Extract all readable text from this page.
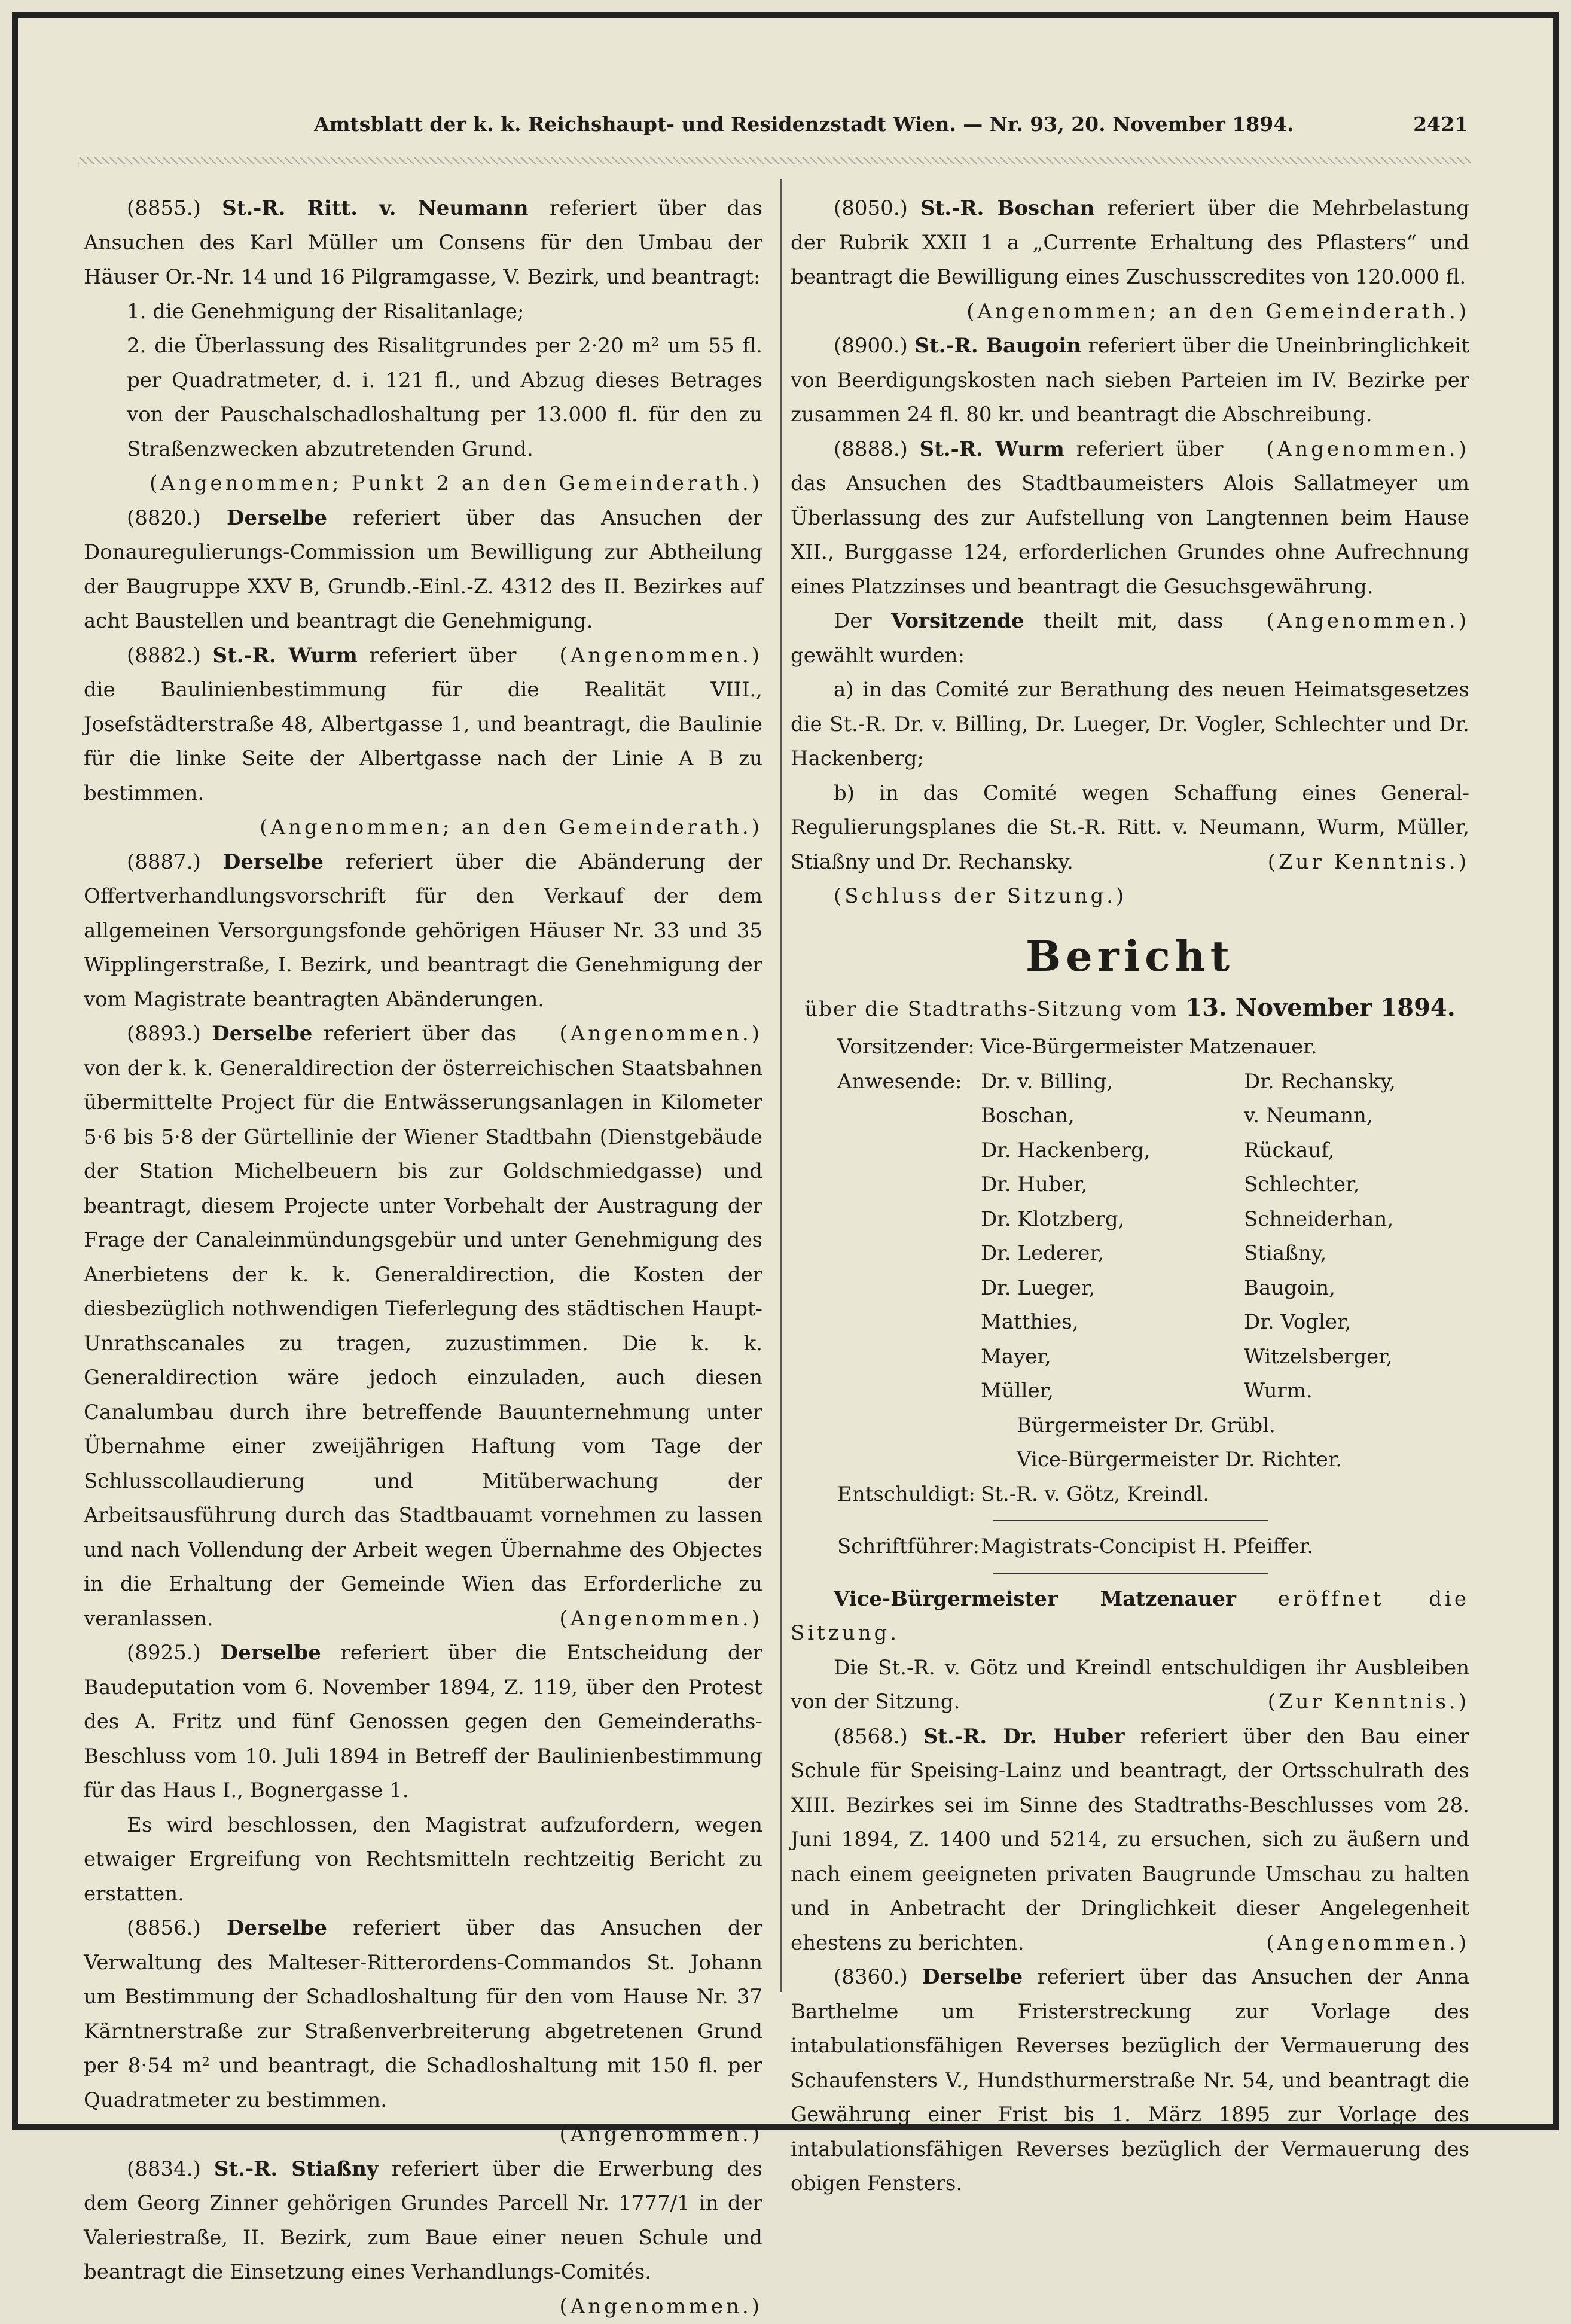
Amtsblatt der k. k. Reichshaupt- und Residenzstadt Wien. — Nr. 93, 20. November 1894.	2421

(8855.) St.-R. Ritt. v. Neumann referiert über das Ansuchen des Karl Müller um Consens für den Umbau der Häuser Or.-Nr. 14 und 16 Pilgramgasse, V. Bezirk, und beantragt:

1. die Genehmigung der Risalitanlage;

2. die Überlassung des Risalitgrundes per 2·20 m² um 55 fl. per Quadratmeter, d. i. 121 fl., und Abzug dieses Betrages von der Pauschalschadloshaltung per 13.000 fl. für den zu Straßenzwecken abzutretenden Grund.

(Angenommen; Punkt 2 an den Gemeinderath.)

(8820.) Derselbe referiert über das Ansuchen der Donauregulierungs-Commission um Bewilligung zur Abtheilung der Baugruppe XXV B, Grundb.-Einl.-Z. 4312 des II. Bezirkes auf acht Baustellen und beantragt die Genehmigung.
(Angenommen.)

(8882.) St.-R. Wurm referiert über die Baulinienbestimmung für die Realität VIII., Josefstädterstraße 48, Albertgasse 1, und beantragt, die Baulinie für die linke Seite der Albertgasse nach der Linie A B zu bestimmen.

(Angenommen; an den Gemeinderath.)

(8887.) Derselbe referiert über die Abänderung der Offertverhandlungsvorschrift für den Verkauf der dem allgemeinen Versorgungsfonde gehörigen Häuser Nr. 33 und 35 Wipplingerstraße, I. Bezirk, und beantragt die Genehmigung der vom Magistrate beantragten Abänderungen.
(Angenommen.)

(8893.) Derselbe referiert über das von der k. k. Generaldirection der österreichischen Staatsbahnen übermittelte Project für die Entwässerungsanlagen in Kilometer 5·6 bis 5·8 der Gürtellinie der Wiener Stadtbahn (Dienstgebäude der Station Michelbeuern bis zur Goldschmiedgasse) und beantragt, diesem Projecte unter Vorbehalt der Austragung der Frage der Canaleinmündungsgebür und unter Genehmigung des Anerbietens der k. k. Generaldirection, die Kosten der diesbezüglich nothwendigen Tieferlegung des städtischen Haupt-Unrathscanales zu tragen, zuzustimmen. Die k. k. Generaldirection wäre jedoch einzuladen, auch diesen Canalumbau durch ihre betreffende Bauunternehmung unter Übernahme einer zweijährigen Haftung vom Tage der Schlusscollaudierung und Mitüberwachung der Arbeitsausführung durch das Stadtbauamt vornehmen zu lassen und nach Vollendung der Arbeit wegen Übernahme des Objectes in die Erhaltung der Gemeinde Wien das Erforderliche zu veranlassen.	(Angenommen.)

(8925.) Derselbe referiert über die Entscheidung der Baudeputation vom 6. November 1894, Z. 119, über den Protest des A. Fritz und fünf Genossen gegen den Gemeinderaths-Beschluss vom 10. Juli 1894 in Betreff der Baulinienbestimmung für das Haus I., Bognergasse 1.

Es wird beschlossen, den Magistrat aufzufordern, wegen etwaiger Ergreifung von Rechtsmitteln rechtzeitig Bericht zu erstatten.

(8856.) Derselbe referiert über das Ansuchen der Verwaltung des Malteser-Ritterordens-Commandos St. Johann um Bestimmung der Schadloshaltung für den vom Hause Nr. 37 Kärntnerstraße zur Straßenverbreiterung abgetretenen Grund per 8·54 m² und beantragt, die Schadloshaltung mit 150 fl. per Quadratmeter zu bestimmen.

(Angenommen.)

(8834.) St.-R. Stiaßny referiert über die Erwerbung des dem Georg Zinner gehörigen Grundes Parcell Nr. 1777/1 in der Valeriestraße, II. Bezirk, zum Baue einer neuen Schule und beantragt die Einsetzung eines Verhandlungs-Comités.

(Angenommen.)

(8050.) St.-R. Boschan referiert über die Mehrbelastung der Rubrik XXII 1 a „Currente Erhaltung des Pflasters“ und beantragt die Bewilligung eines Zuschusscredites von 120.000 fl.

(Angenommen; an den Gemeinderath.)

(8900.) St.-R. Baugoin referiert über die Uneinbringlichkeit von Beerdigungskosten nach sieben Parteien im IV. Bezirke per zusammen 24 fl. 80 kr. und beantragt die Abschreibung.
(Angenommen.)

(8888.) St.-R. Wurm referiert über das Ansuchen des Stadtbaumeisters Alois Sallatmeyer um Überlassung des zur Aufstellung von Langtennen beim Hause XII., Burggasse 124, erforderlichen Grundes ohne Aufrechnung eines Platzzinses und beantragt die Gesuchsgewährung.
(Angenommen.)

Der Vorsitzende theilt mit, dass gewählt wurden:

a) in das Comité zur Berathung des neuen Heimatsgesetzes die St.-R. Dr. v. Billing, Dr. Lueger, Dr. Vogler, Schlechter und Dr. Hackenberg;

b) in das Comité wegen Schaffung eines General-Regulierungsplanes die St.-R. Ritt. v. Neumann, Wurm, Müller, Stiaßny und Dr. Rechansky.	(Zur Kenntnis.)

(Schluss der Sitzung.)

Bericht
über die Stadtraths-Sitzung vom 13. November 1894.
Vorsitzender: Vice-Bürgermeister Matzenauer.
Anwesende: Dr. v. Billing,	Dr. Rechansky,
Boschan,	v. Neumann,
Dr. Hackenberg,	Rückauf,
Dr. Huber,	Schlechter,
Dr. Klotzberg,	Schneiderhan,
Dr. Lederer,	Stiaßny,
Dr. Lueger,	Baugoin,
Matthies,	Dr. Vogler,
Mayer,	Witzelsberger,
Müller,	Wurm.
Bürgermeister Dr. Grübl.
Vice-Bürgermeister Dr. Richter.
Entschuldigt: St.-R. v. Götz, Kreindl.
Schriftführer: Magistrats-Concipist H. Pfeiffer.

Vice-Bürgermeister Matzenauer eröffnet die Sitzung.

Die St.-R. v. Götz und Kreindl entschuldigen ihr Ausbleiben von der Sitzung.	(Zur Kenntnis.)

(8568.) St.-R. Dr. Huber referiert über den Bau einer Schule für Speising-Lainz und beantragt, der Ortsschulrath des XIII. Bezirkes sei im Sinne des Stadtraths-Beschlusses vom 28. Juni 1894, Z. 1400 und 5214, zu ersuchen, sich zu äußern und nach einem geeigneten privaten Baugrunde Umschau zu halten und in Anbetracht der Dringlichkeit dieser Angelegenheit ehestens zu berichten.	(Angenommen.)

(8360.) Derselbe referiert über das Ansuchen der Anna Barthelme um Fristerstreckung zur Vorlage des intabulationsfähigen Reverses bezüglich der Vermauerung des Schaufensters V., Hundsthurmerstraße Nr. 54, und beantragt die Gewährung einer Frist bis 1. März 1895 zur Vorlage des intabulationsfähigen Reverses bezüglich der Vermauerung des obigen Fensters.
